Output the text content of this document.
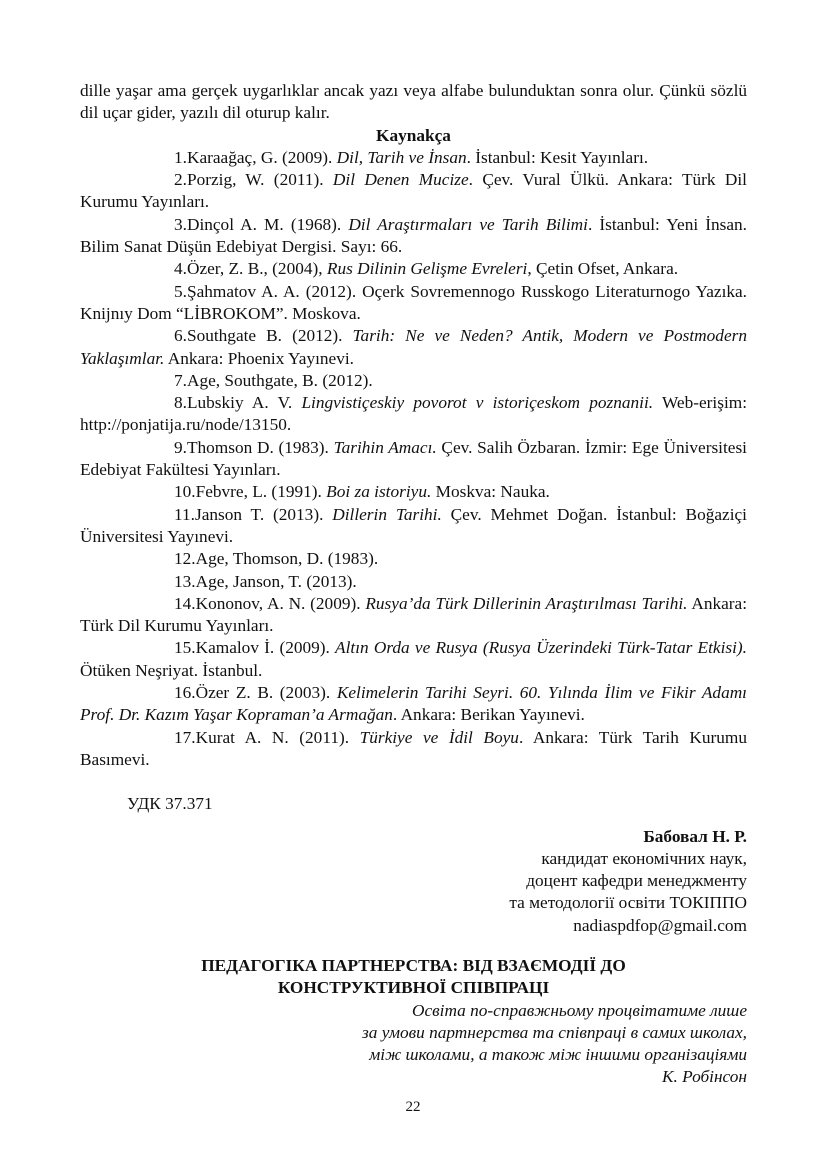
dille yaşar ama gerçek uygarlıklar ancak yazı veya alfabe bulunduktan sonra olur. Çünkü sözlü dil uçar gider, yazılı dil oturup kalır.

Kaynakça

1.Karaağaç, G. (2009). Dil, Tarih ve İnsan. İstanbul: Kesit Yayınları.

2.Porzig, W. (2011). Dil Denen Mucize. Çev. Vural Ülkü. Ankara: Türk Dil Kurumu Yayınları.

3.Dinçol A. M. (1968). Dil Araştırmaları ve Tarih Bilimi. İstanbul: Yeni İnsan. Bilim Sanat Düşün Edebiyat Dergisi. Sayı: 66.

4.Özer, Z. B., (2004), Rus Dilinin Gelişme Evreleri, Çetin Ofset, Ankara.

5.Şahmatov A. A. (2012). Oçerk Sovremennogo Russkogo Literaturnogo Yazıka. Knijnıy Dom “LİBROKOM”. Moskova.

6.Southgate B. (2012). Tarih: Ne ve Neden? Antik, Modern ve Postmodern Yaklaşımlar. Ankara: Phoenix Yayınevi.

7.Age, Southgate, B. (2012).

8.Lubskiy A. V. Lingvistiçeskiy povorot v istoriçeskom poznanii. Web-erişim: http://ponjatija.ru/node/13150.

9.Thomson D. (1983). Tarihin Amacı. Çev. Salih Özbaran. İzmir: Ege Üniversitesi Edebiyat Fakültesi Yayınları.

10.Febvre, L. (1991). Boi za istoriyu. Moskva: Nauka.

11.Janson T. (2013). Dillerin Tarihi. Çev. Mehmet Doğan. İstanbul: Boğaziçi Üniversitesi Yayınevi.

12.Age, Thomson, D. (1983).

13.Age, Janson, T. (2013).

14.Kononov, A. N. (2009). Rusya’da Türk Dillerinin Araştırılması Tarihi. Ankara: Türk Dil Kurumu Yayınları.

15.Kamalov İ. (2009). Altın Orda ve Rusya (Rusya Üzerindeki Türk-Tatar Etkisi). Ötüken Neşriyat. İstanbul.

16.Özer Z. B. (2003). Kelimelerin Tarihi Seyri. 60. Yılında İlim ve Fikir Adamı Prof. Dr. Kazım Yaşar Kopraman’a Armağan. Ankara: Berikan Yayınevi.

17.Kurat A. N. (2011). Türkiye ve İdil Boyu. Ankara: Türk Tarih Kurumu Basımevi.

УДК 37.371

Бабовал Н. Р.

кандидат економічних наук,

доцент кафедри менеджменту

та методології освіти ТОКІППО

nadiaspdfop@gmail.com

ПЕДАГОГІКА ПАРТНЕРСТВА: ВІД ВЗАЄМОДІЇ ДО

КОНСТРУКТИВНОЇ СПІВПРАЦІ

Освіта по-справжньому процвітатиме лише

за умови партнерства та співпраці в самих школах,

між школами, а також між іншими організаціями

К. Робінсон

22
